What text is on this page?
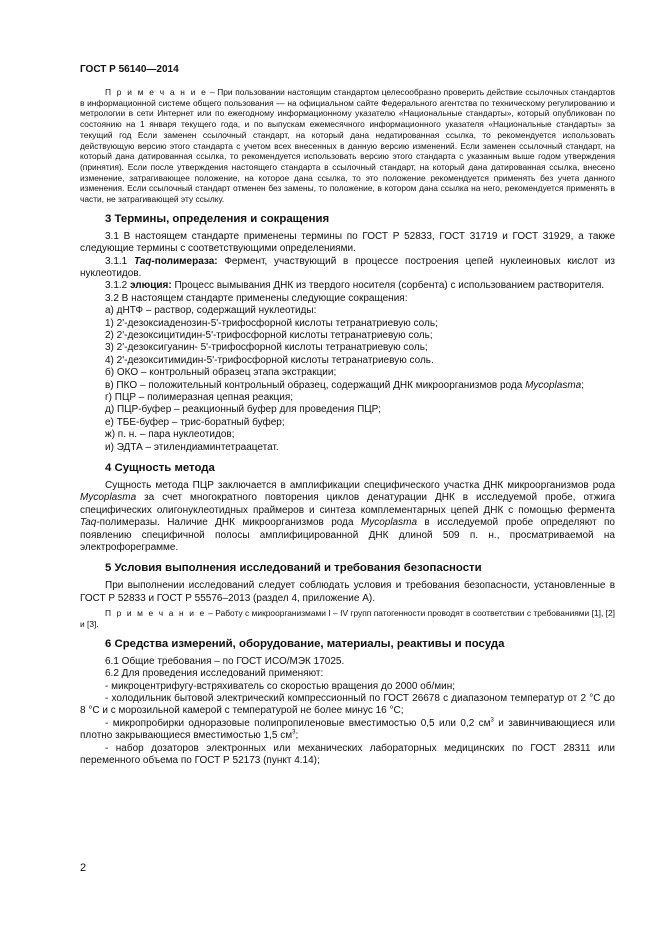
ГОСТ Р 56140—2014

П р и м е ч а н и е – При пользовании настоящим стандартом целесообразно проверить действие ссылочных стандартов в информационной системе общего пользования — на официальном сайте Федерального агентства по техническому регулированию и метрологии в сети Интернет или по ежегодному информационному указателю «Национальные стандарты», который опубликован по состоянию на 1 января текущего года, и по выпускам ежемесячного информационного указателя «Национальные стандарты» за текущий год Если заменен ссылочный стандарт, на который дана недатированная ссылка, то рекомендуется использовать действующую версию этого стандарта с учетом всех внесенных в данную версию изменений. Если заменен ссылочный стандарт, на который дана датированная ссылка, то рекомендуется использовать версию этого стандарта с указанным выше годом утверждения (принятия). Если после утверждения настоящего стандарта в ссылочный стандарт, на который дана датированная ссылка, внесено изменение, затрагивающее положение, на которое дана ссылка, то это положение рекомендуется применять без учета данного изменения. Если ссылочный стандарт отменен без замены, то положение, в котором дана ссылка на него, рекомендуется применять в части, не затрагивающей эту ссылку.

3 Термины, определения и сокращения

3.1 В настоящем стандарте применены термины по ГОСТ Р 52833, ГОСТ 31719 и ГОСТ 31929, а также следующие термины с соответствующими определениями.

3.1.1 Taq-полимераза: Фермент, участвующий в процессе построения цепей нуклеиновых кислот из нуклеотидов.

3.1.2 элюция: Процесс вымывания ДНК из твердого носителя (сорбента) с использованием растворителя.

3.2 В настоящем стандарте применены следующие сокращения:

а) дНТФ – раствор, содержащий нуклеотиды:

1) 2'-дезоксиаденозин-5'-трифосфорной кислоты тетранатриевую соль;

2) 2'-дезоксицитидин-5'-трифосфорной кислоты тетранатриевую соль;

3) 2'-дезоксигуанин- 5'-трифосфорной кислоты тетранатриевую соль;

4) 2'-дезокситимидин-5'-трифосфорной кислоты тетранатриевую соль.

б) ОКО – контрольный образец этапа экстракции;

в) ПКО – положительный контрольный образец, содержащий ДНК микроорганизмов рода Mycoplasma;

г) ПЦР – полимеразная цепная реакция;

д) ПЦР-буфер – реакционный буфер для проведения ПЦР;

е) ТБЕ-буфер – трис-боратный буфер;

ж) п. н. – пара нуклеотидов;

и) ЭДТА – этилендиаминтетраацетат.

4 Сущность метода

Сущность метода ПЦР заключается в амплификации специфического участка ДНК микроорганизмов рода Mycoplasma за счет многократного повторения циклов денатурации ДНК в исследуемой пробе, отжига специфических олигонуклеотидных праймеров и синтеза комплементарных цепей ДНК с помощью фермента Taq-полимеразы. Наличие ДНК микроорганизмов рода Mycoplasma в исследуемой пробе определяют по появлению специфичной полосы амплифицированной ДНК длиной 509 п. н., просматриваемой на электрофореграмме.

5 Условия выполнения исследований и требования безопасности

При выполнении исследований следует соблюдать условия и требования безопасности, установленные в ГОСТ Р 52833 и ГОСТ Р 55576–2013 (раздел 4, приложение А).

П р и м е ч а н и е – Работу с микроорганизмами I – IV групп патогенности проводят в соответствии с требованиями [1], [2] и [3].

6 Средства измерений, оборудование, материалы, реактивы и посуда

6.1 Общие требования – по ГОСТ ИСО/МЭК 17025.

6.2 Для проведения исследований применяют:

- микроцентрифугу-встряхиватель со скоростью вращения до 2000 об/мин;

- холодильник бытовой электрический компрессионный по ГОСТ 26678 с диапазоном температур от 2 °С до 8 °С и с морозильной камерой с температурой не более минус 16 °С;

- микропробирки одноразовые полипропиленовые вместимостью 0,5 или 0,2 $см^3$ и завинчивающиеся или плотно закрывающиеся вместимостью 1,5 $см^3$;

- набор дозаторов электронных или механических лабораторных медицинских по ГОСТ 28311 или переменного объема по ГОСТ Р 52173 (пункт 4.14);

2
